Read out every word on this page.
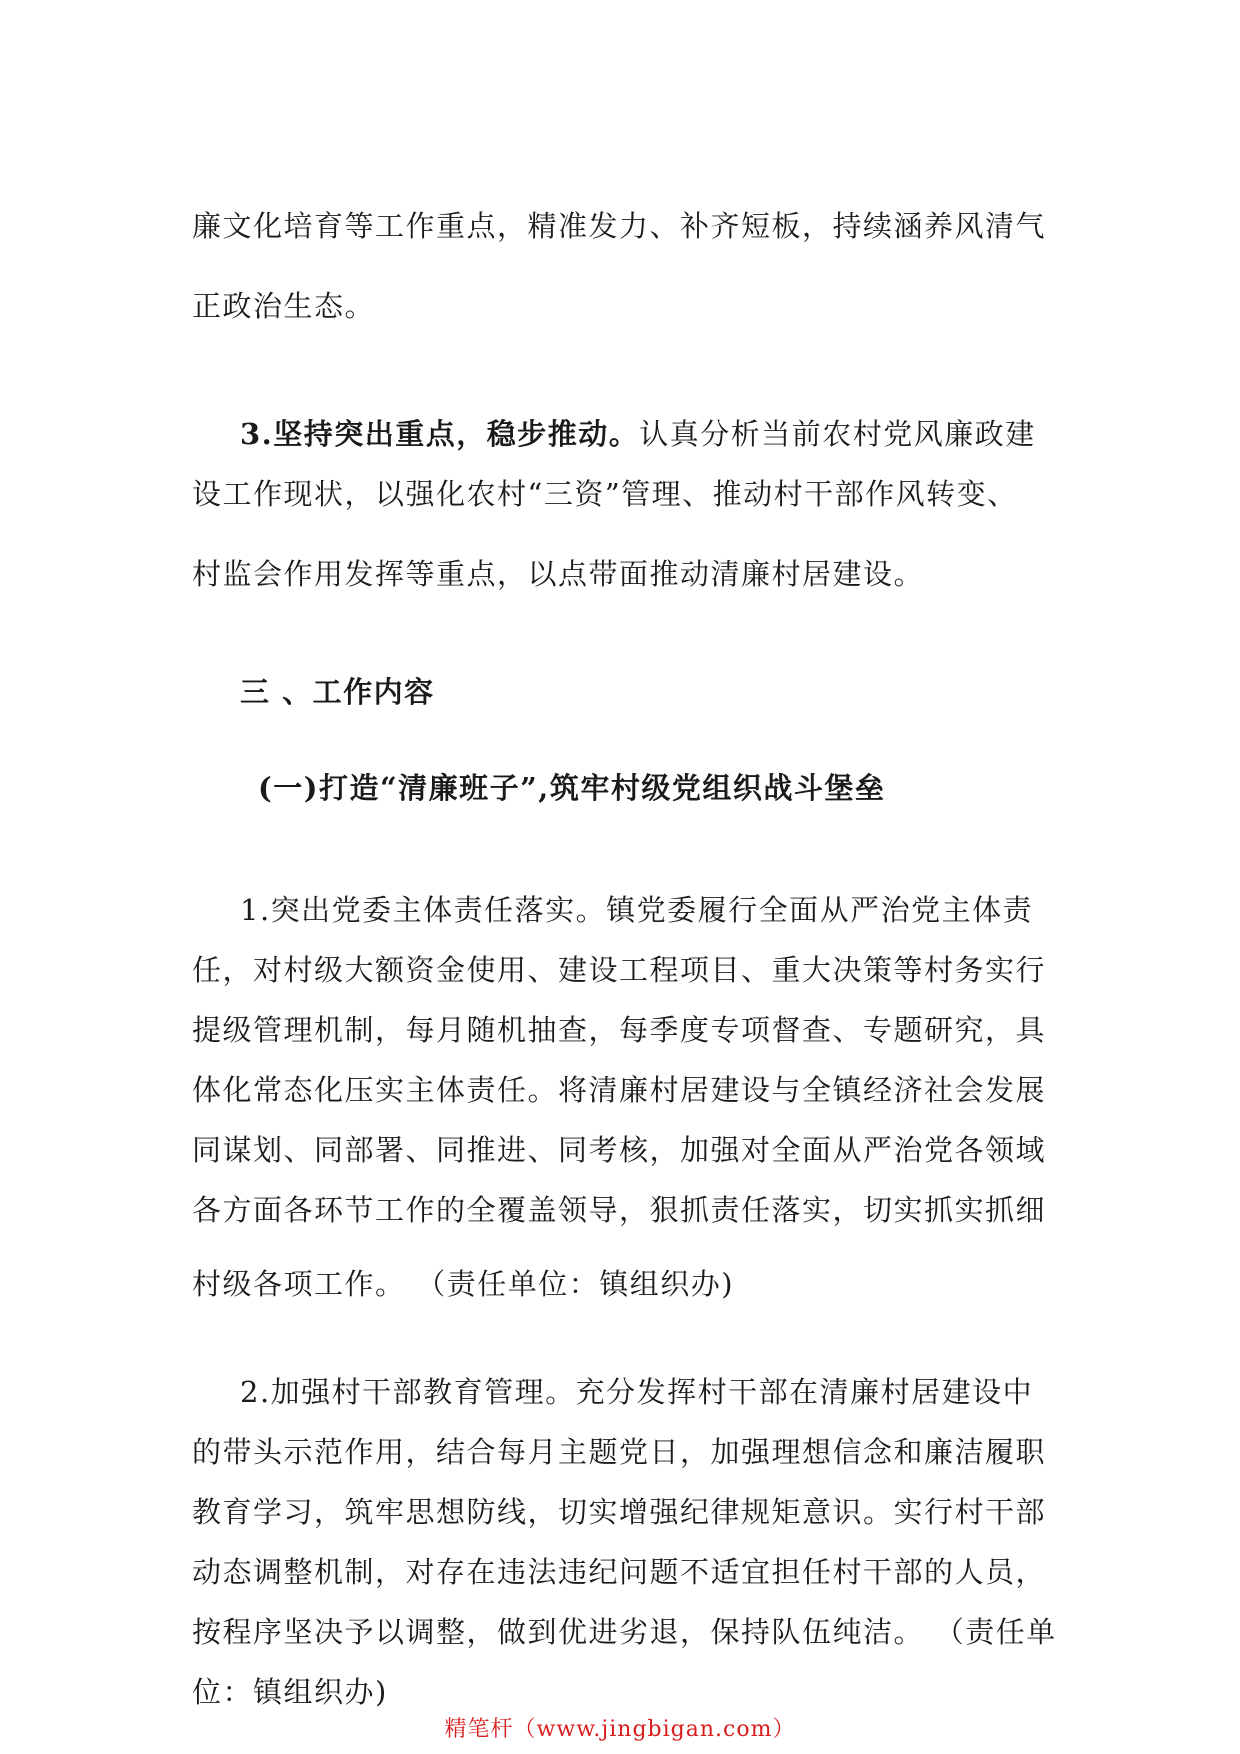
廉文化培育等工作重点，精准发力、补齐短板，持续涵养风清气
正政治生态。
3.坚持突出重点，稳步推动。认真分析当前农村党风廉政建
设工作现状，以强化农村“三资”管理、推动村干部作风转变、
村监会作用发挥等重点，以点带面推动清廉村居建设。
三 、工作内容
(一)打造“清廉班子”,筑牢村级党组织战斗堡垒
1.突出党委主体责任落实。镇党委履行全面从严治党主体责
任，对村级大额资金使用、建设工程项目、重大决策等村务实行
提级管理机制，每月随机抽查，每季度专项督查、专题研究，具
体化常态化压实主体责任。将清廉村居建设与全镇经济社会发展
同谋划、同部署、同推进、同考核，加强对全面从严治党各领域
各方面各环节工作的全覆盖领导，狠抓责任落实，切实抓实抓细
村级各项工作。 （责任单位：镇组织办)
2.加强村干部教育管理。充分发挥村干部在清廉村居建设中
的带头示范作用，结合每月主题党日，加强理想信念和廉洁履职
教育学习，筑牢思想防线，切实增强纪律规矩意识。实行村干部
动态调整机制，对存在违法违纪问题不适宜担任村干部的人员，
按程序坚决予以调整，做到优进劣退，保持队伍纯洁。 （责任单
位：镇组织办)
精笔杆（www.jingbigan.com）
